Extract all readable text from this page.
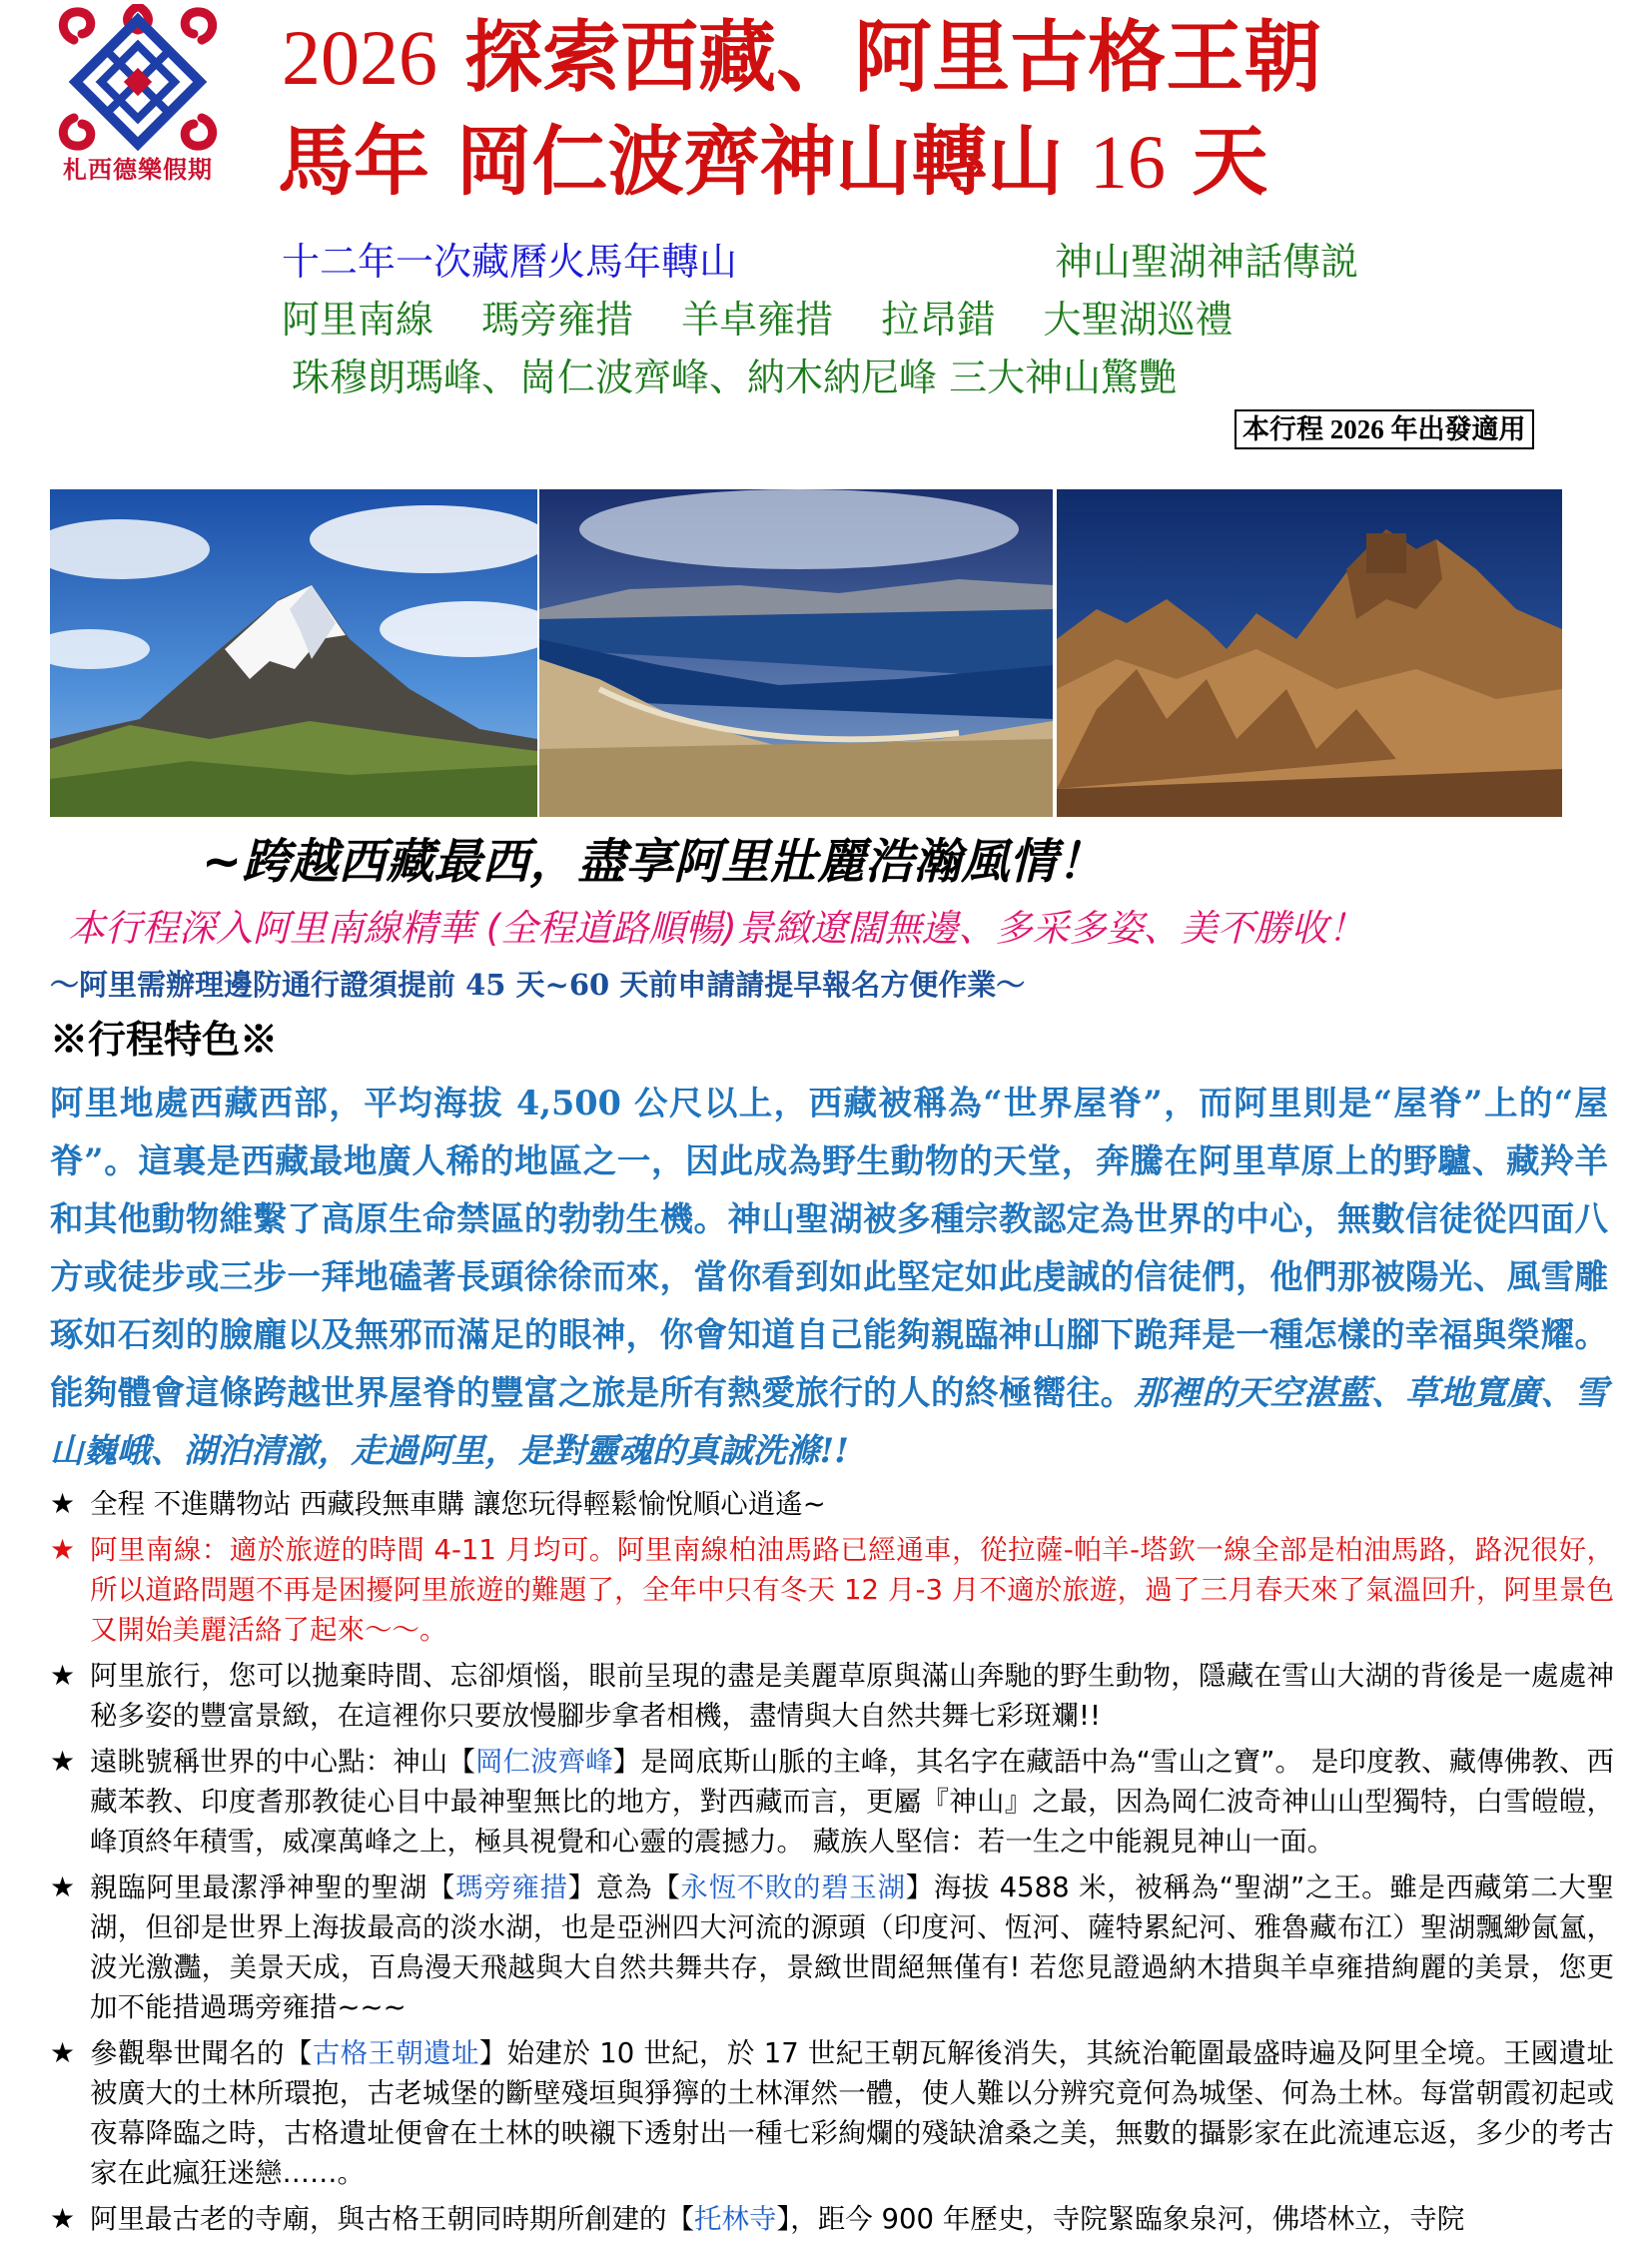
札西德樂假期
2026 探索西藏、阿里古格王朝
馬年 岡仁波齊神山轉山 16 天
十二年一次藏曆火馬年轉山	神山聖湖神話傳説
阿里南線 瑪旁雍措 羊卓雍措 拉昂錯 大聖湖巡禮
珠穆朗瑪峰、崗仁波齊峰、納木納尼峰 三大神山驚艷
本行程 2026 年出發適用
~跨越西藏最西，盡享阿里壯麗浩瀚風情！
本行程深入阿里南線精華 (全程道路順暢)景緻遼闊無邊、多采多姿、美不勝收！
～阿里需辦理邊防通行證須提前 45 天~60 天前申請請提早報名方便作業～
※行程特色※
阿里地處西藏西部，平均海拔 4,500 公尺以上，西藏被稱為“世界屋脊”，而阿里則是“屋脊”上的“屋脊”。這裏是西藏最地廣人稀的地區之一，因此成為野生動物的天堂，奔騰在阿里草原上的野驢、藏羚羊和其他動物維繫了高原生命禁區的勃勃生機。神山聖湖被多種宗教認定為世界的中心，無數信徒從四面八方或徒步或三步一拜地磕著長頭徐徐而來，當你看到如此堅定如此虔誠的信徒們，他們那被陽光、風雪雕琢如石刻的臉龐以及無邪而滿足的眼神，你會知道自己能夠親臨神山腳下跪拜是一種怎樣的幸福與榮耀。能夠體會這條跨越世界屋脊的豐富之旅是所有熱愛旅行的人的終極嚮往。那裡的天空湛藍、草地寬廣、雪山巍峨、湖泊清澈，走過阿里，是對靈魂的真誠洗滌!!
★ 全程 不進購物站 西藏段無車購 讓您玩得輕鬆愉悅順心逍遙~
★ 阿里南線：適於旅遊的時間 4-11 月均可。阿里南線柏油馬路已經通車，從拉薩-帕羊-塔欽一線全部是柏油馬路，路況很好，所以道路問題不再是困擾阿里旅遊的難題了，全年中只有冬天 12 月-3 月不適於旅遊，過了三月春天來了氣溫回升，阿里景色又開始美麗活絡了起來～～。
★ 阿里旅行，您可以拋棄時間、忘卻煩惱，眼前呈現的盡是美麗草原與滿山奔馳的野生動物，隱藏在雪山大湖的背後是一處處神秘多姿的豐富景緻，在這裡你只要放慢腳步拿者相機，盡情與大自然共舞七彩斑斕!!
★ 遠眺號稱世界的中心點：神山【岡仁波齊峰】是岡底斯山脈的主峰，其名字在藏語中為“雪山之寶”。 是印度教、藏傳佛教、西藏苯教、印度耆那教徒心目中最神聖無比的地方，對西藏而言，更屬『神山』之最，因為岡仁波奇神山山型獨特，白雪皚皚，峰頂終年積雪，威凜萬峰之上，極具視覺和心靈的震撼力。 藏族人堅信：若一生之中能親見神山一面。
★ 親臨阿里最潔淨神聖的聖湖【瑪旁雍措】意為【永恆不敗的碧玉湖】海拔 4588 米，被稱為“聖湖”之王。雖是西藏第二大聖湖，但卻是世界上海拔最高的淡水湖，也是亞洲四大河流的源頭（印度河、恆河、薩特累紀河、雅魯藏布江）聖湖飄緲氤氳，波光激灩，美景天成，百鳥漫天飛越與大自然共舞共存，景緻世間絕無僅有! 若您見證過納木措與羊卓雍措絢麗的美景，您更加不能措過瑪旁雍措~~~
★ 參觀舉世聞名的【古格王朝遺址】始建於 10 世紀，於 17 世紀王朝瓦解後消失，其統治範圍最盛時遍及阿里全境。王國遺址被廣大的土林所環抱，古老城堡的斷壁殘垣與猙獰的土林渾然一體，使人難以分辨究竟何為城堡、何為土林。每當朝霞初起或夜幕降臨之時，古格遺址便會在土林的映襯下透射出一種七彩絢爛的殘缺滄桑之美，無數的攝影家在此流連忘返，多少的考古家在此瘋狂迷戀……。
★ 阿里最古老的寺廟，與古格王朝同時期所創建的【托林寺】，距今 900 年歷史，寺院緊臨象泉河，佛塔林立，寺院
